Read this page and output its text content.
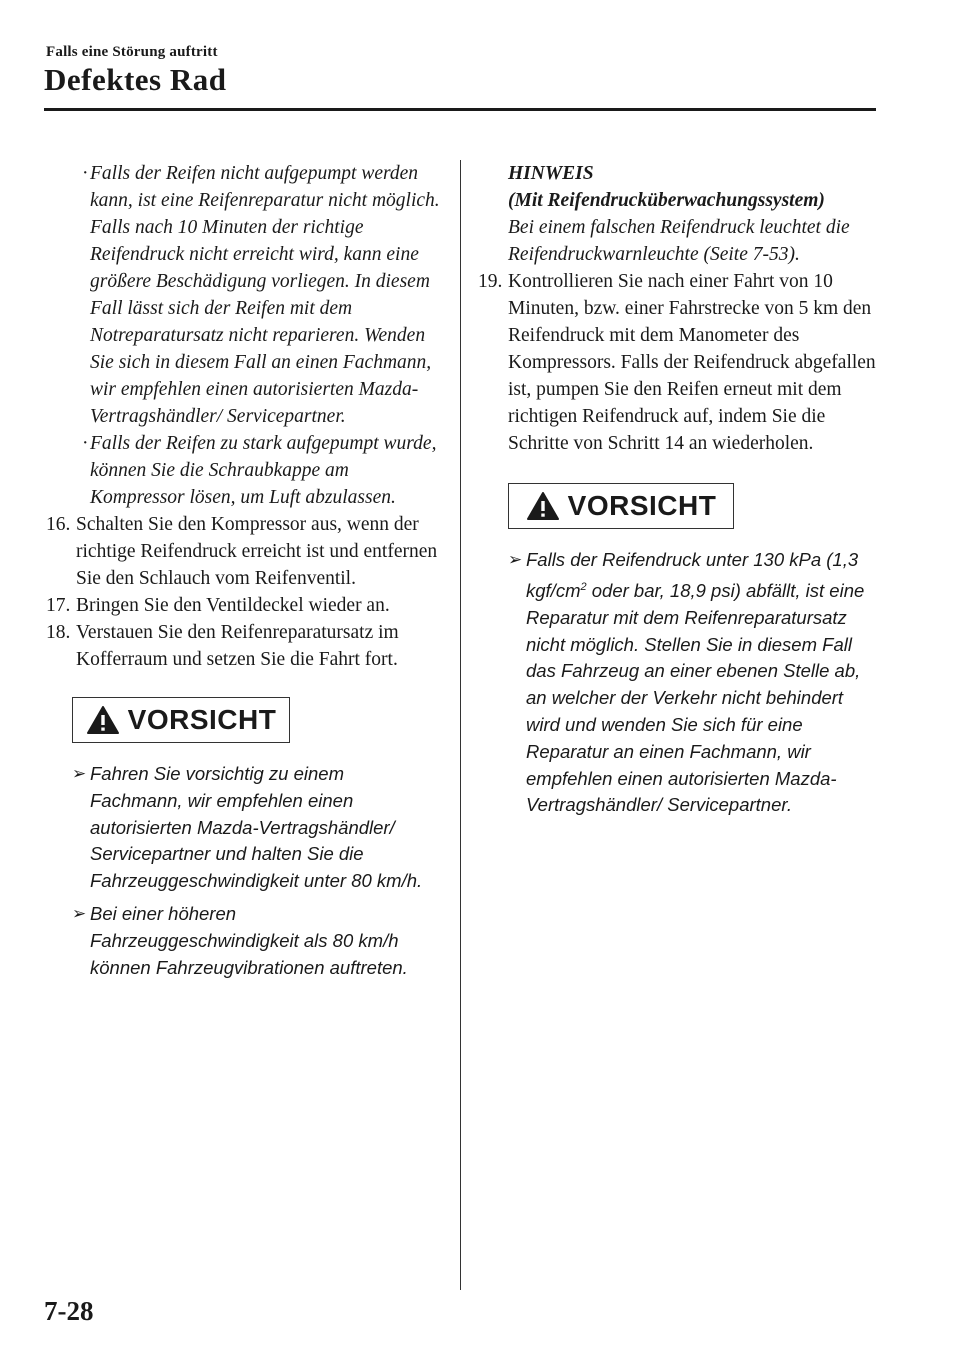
Falls eine Störung auftritt
Defektes Rad
· Falls der Reifen nicht aufgepumpt werden kann, ist eine Reifenreparatur nicht möglich. Falls nach 10 Minuten der richtige Reifendruck nicht erreicht wird, kann eine größere Beschädigung vorliegen. In diesem Fall lässt sich der Reifen mit dem Notreparatursatz nicht reparieren. Wenden Sie sich in diesem Fall an einen Fachmann, wir empfehlen einen autorisierten Mazda-Vertragshändler/ Servicepartner.
· Falls der Reifen zu stark aufgepumpt wurde, können Sie die Schraubkappe am Kompressor lösen, um Luft abzulassen.
16. Schalten Sie den Kompressor aus, wenn der richtige Reifendruck erreicht ist und entfernen Sie den Schlauch vom Reifenventil.
17. Bringen Sie den Ventildeckel wieder an.
18. Verstauen Sie den Reifenreparatursatz im Kofferraum und setzen Sie die Fahrt fort.
VORSICHT
➢ Fahren Sie vorsichtig zu einem Fachmann, wir empfehlen einen autorisierten Mazda-Vertragshändler/ Servicepartner und halten Sie die Fahrzeuggeschwindigkeit unter 80 km/h.
➢ Bei einer höheren Fahrzeuggeschwindigkeit als 80 km/h können Fahrzeugvibrationen auftreten.
HINWEIS
(Mit Reifendrucküberwachungssystem)
Bei einem falschen Reifendruck leuchtet die Reifendruckwarnleuchte (Seite 7-53).
19. Kontrollieren Sie nach einer Fahrt von 10 Minuten, bzw. einer Fahrstrecke von 5 km den Reifendruck mit dem Manometer des Kompressors. Falls der Reifendruck abgefallen ist, pumpen Sie den Reifen erneut mit dem richtigen Reifendruck auf, indem Sie die Schritte von Schritt 14 an wiederholen.
VORSICHT
➢ Falls der Reifendruck unter 130 kPa (1,3 kgf/$cm^2$ oder bar, 18,9 psi) abfällt, ist eine Reparatur mit dem Reifenreparatursatz nicht möglich. Stellen Sie in diesem Fall das Fahrzeug an einer ebenen Stelle ab, an welcher der Verkehr nicht behindert wird und wenden Sie sich für eine Reparatur an einen Fachmann, wir empfehlen einen autorisierten Mazda-Vertragshändler/ Servicepartner.
7-28
